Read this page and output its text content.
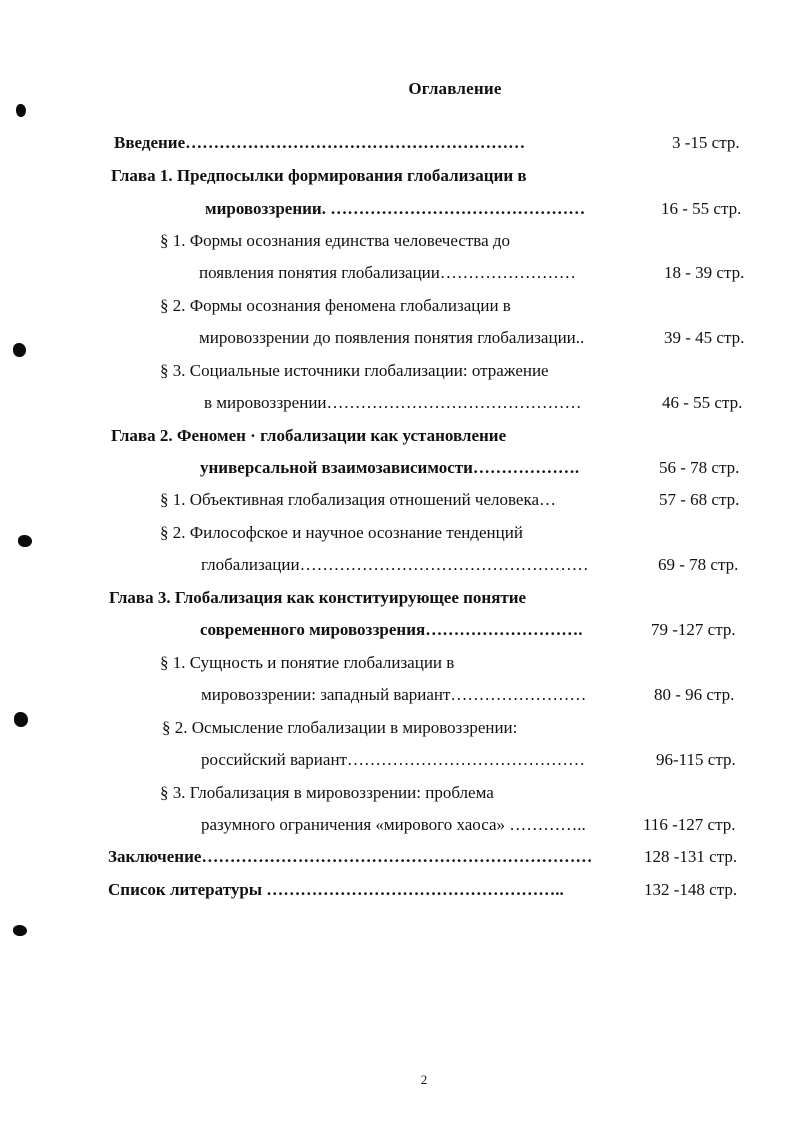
Оглавление
Введение……………………………………………………	3 -15 стр.
Глава 1. Предпосылки формирования глобализации в
мировоззрении. ………………………………………	16 - 55 стр.
§ 1. Формы осознания единства человечества до
появления понятия глобализации……………………	18 - 39 стр.
§ 2. Формы осознания феномена глобализации в
мировоззрении до появления понятия глобализации..	39 - 45 стр.
§ 3. Социальные источники глобализации: отражение
в мировоззрении………………………………………	46 - 55 стр.
Глава 2. Феномен · глобализации как установление
универсальной взаимозависимости……………….	56 - 78 стр.
§ 1. Объективная глобализация отношений человека…	57 - 68 стр.
§ 2. Философское и научное осознание тенденций
глобализации……………………………………………	69 - 78 стр.
Глава 3. Глобализация как конституирующее понятие
современного мировоззрения……………………….	79 -127 стр.
§ 1. Сущность и понятие глобализации в
мировоззрении: западный вариант……………………	80 - 96 стр.
§ 2. Осмысление глобализации в мировоззрении:
российский вариант……………………………………	96-115 стр.
§ 3. Глобализация в мировоззрении: проблема
разумного ограничения «мирового хаоса» …………..	116 -127 стр.
Заключение……………………………………………………………	128 -131 стр.
Список литературы ……………………………………………..	132 -148 стр.
2
